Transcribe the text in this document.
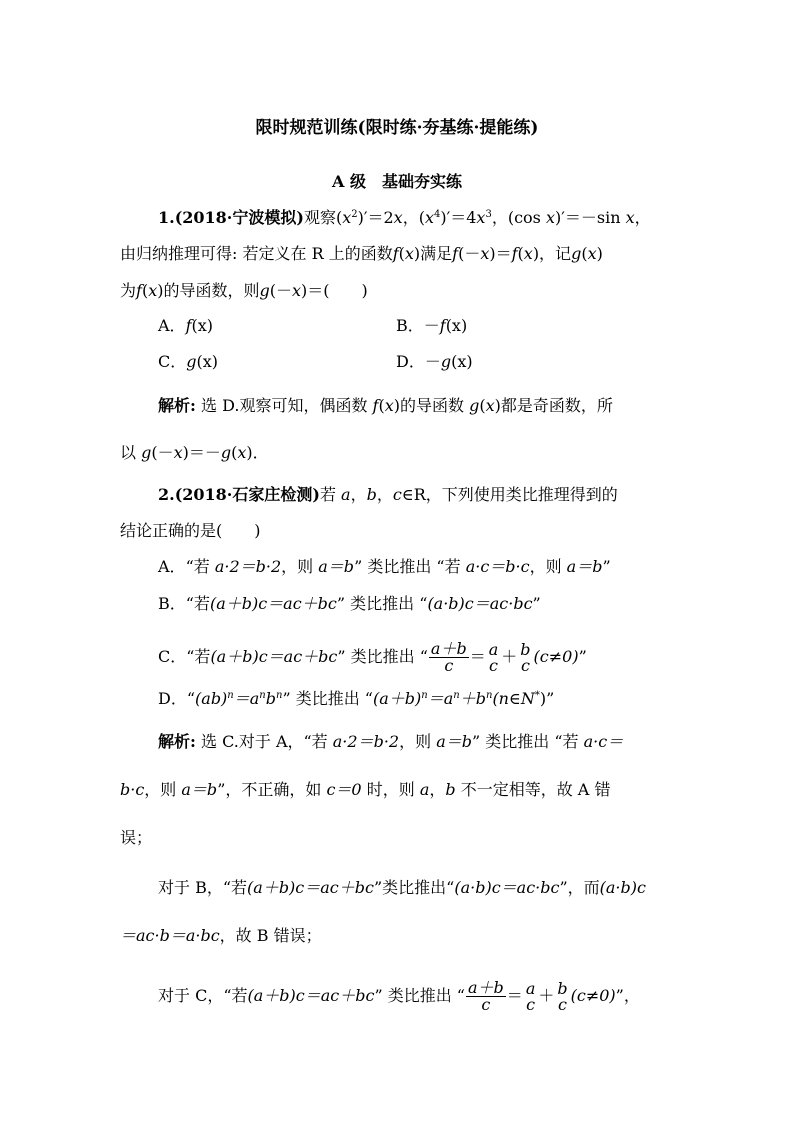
限时规范训练(限时练·夯基练·提能练)
A 级　基础夯实练
1.(2018·宁波模拟)观察$(x^2)'=2x$，$(x^4)'=4x^3$，(cos x)′＝－sin x，
由归纳推理可得: 若定义在 R 上的函数f(x)满足f(－x)＝f(x)，记g(x)
为f(x)的导函数，则g(－x)＝(　　)
A．f(x)	B．－f(x)
C．g(x)	D．－g(x)
解析: 选 D.观察可知，偶函数 f(x)的导函数 g(x)都是奇函数，所
以 g(－x)＝－g(x)．
2.(2018·石家庄检测)若 a，b，c∈R，下列使用类比推理得到的
结论正确的是(　　)
A．“若 a·2＝b·2，则 a＝b” 类比推出 “若 a·c＝b·c，则 a＝b”
B．“若(a＋b)c＝ac＋bc” 类比推出 “(a·b)c＝ac·bc”
C．“若(a＋b)c＝ac＋bc” 类比推出 “ $\frac{a+b}{c} = a$
c ＋ b
c (c≠0)”
D．“$(ab)^n=a^nb^n$” 类比推出 “$(a+b)^n=a^n+b^n(n\in N^*)$”
解析: 选 C.对于 A，“若 a·2＝b·2，则 a＝b” 类比推出 “若 a·c＝
b·c，则 a＝b”，不正确，如 c＝0 时，则 a，b 不一定相等，故 A 错
误；
对于 B，“若(a＋b)c＝ac＋bc”类比推出“(a·b)c＝ac·bc”，而(a·b)c
＝ac·b＝a·bc，故 B 错误；
对于 C，“若(a＋b)c＝ac＋bc” 类比推出 “ $\frac{a+b}{c} = a$
c ＋ b
c (c≠0)”，
